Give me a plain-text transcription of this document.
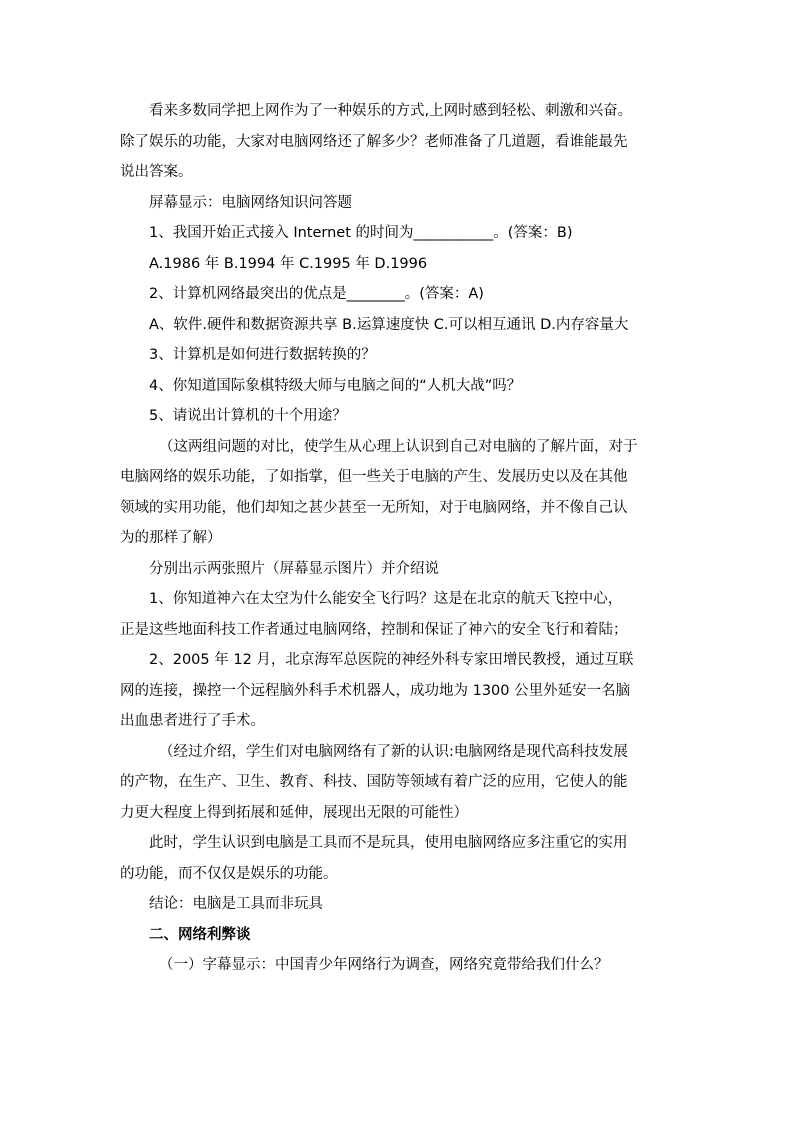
看来多数同学把上网作为了一种娱乐的方式,上网时感到轻松、刺激和兴奋。
除了娱乐的功能，大家对电脑网络还了解多少？老师准备了几道题，看谁能最先
说出答案。
屏幕显示：电脑网络知识问答题
1、我国开始正式接入 Internet 的时间为___________。(答案：B)
A.1986 年 B.1994 年 C.1995 年 D.1996
2、计算机网络最突出的优点是________。(答案：A)
A、软件.硬件和数据资源共享 B.运算速度快 C.可以相互通讯 D.内存容量大
3、计算机是如何进行数据转换的？
4、你知道国际象棋特级大师与电脑之间的“人机大战”吗？
5、请说出计算机的十个用途？
（这两组问题的对比，使学生从心理上认识到自己对电脑的了解片面，对于
电脑网络的娱乐功能，了如指掌，但一些关于电脑的产生、发展历史以及在其他
领域的实用功能，他们却知之甚少甚至一无所知，对于电脑网络，并不像自己认
为的那样了解）
分别出示两张照片（屏幕显示图片）并介绍说
1、你知道神六在太空为什么能安全飞行吗？这是在北京的航天飞控中心，
正是这些地面科技工作者通过电脑网络，控制和保证了神六的安全飞行和着陆；
2、2005 年 12 月，北京海军总医院的神经外科专家田增民教授，通过互联
网的连接，操控一个远程脑外科手术机器人，成功地为 1300 公里外延安一名脑
出血患者进行了手术。
（经过介绍，学生们对电脑网络有了新的认识:电脑网络是现代高科技发展
的产物，在生产、卫生、教育、科技、国防等领域有着广泛的应用，它使人的能
力更大程度上得到拓展和延伸，展现出无限的可能性）
此时，学生认识到电脑是工具而不是玩具，使用电脑网络应多注重它的实用
的功能，而不仅仅是娱乐的功能。
结论：电脑是工具而非玩具
二、网络利弊谈
（一）字幕显示：中国青少年网络行为调查，网络究竟带给我们什么？
